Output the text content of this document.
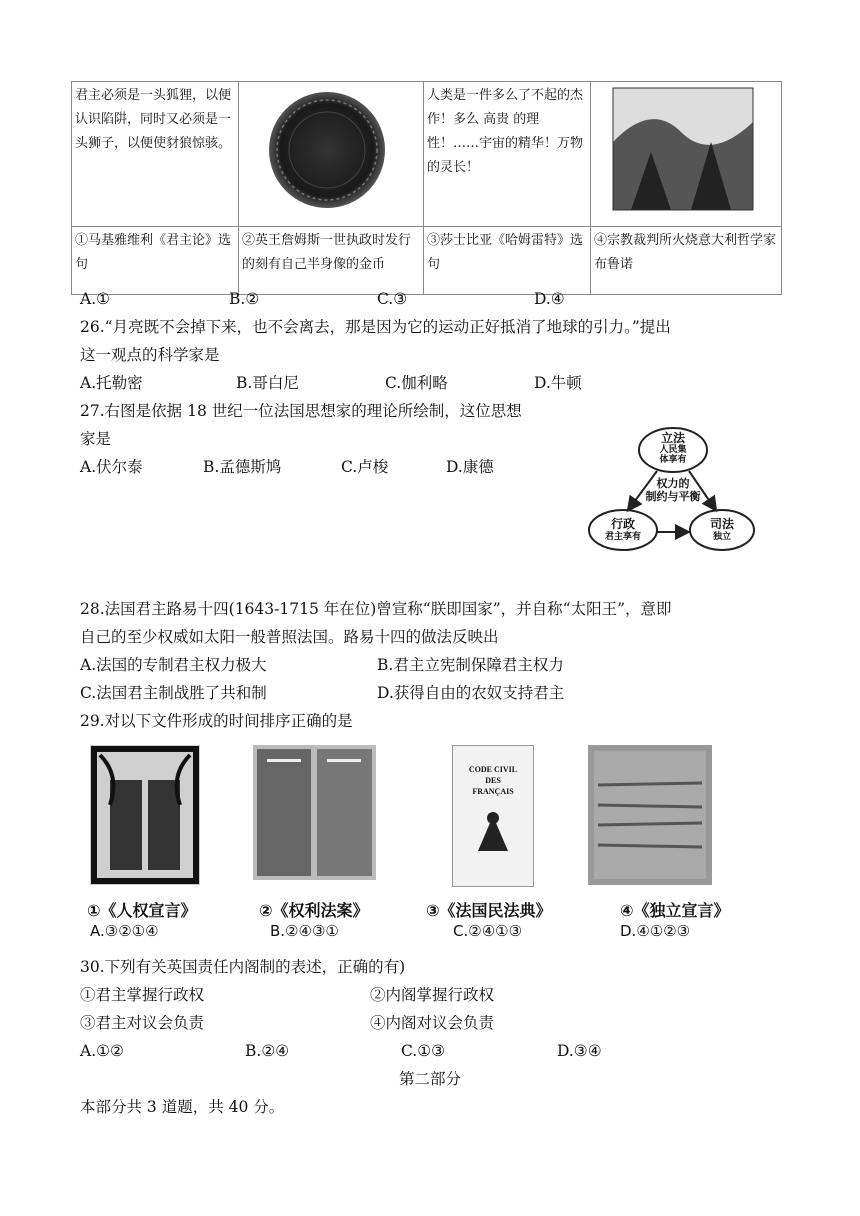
君主必须是一头狐狸，以便认识陷阱，同时又必须是一头狮子，以便使豺狼惊骇。		人类是一件多么了不起的杰作！多么 高贵 的理性！……宇宙的精华！万物的灵长！	
①马基雅维利《君主论》选句	②英王詹姆斯一世执政时发行的刻有自己半身像的金币	③莎士比亚《哈姆雷特》选句	④宗教裁判所火烧意大利哲学家布鲁诺
A.①	B.②	C.③	D.④
26.“月亮既不会掉下来，也不会离去，那是因为它的运动正好抵消了地球的引力。”提出
这一观点的科学家是
A.托勒密	B.哥白尼	C.伽利略	D.牛顿
27.右图是依据 18 世纪一位法国思想家的理论所绘制，这位思想
家是
A.伏尔泰	B.孟德斯鸠	C.卢梭	D.康德
立法
人民集
体享有
权力的
制约与平衡
行政
君主享有
司法
独立
28.法国君主路易十四(1643-1715 年在位)曾宣称“朕即国家”，并自称“太阳王”，意即
自己的至少权威如太阳一般普照法国。路易十四的做法反映出
A.法国的专制君主权力极大	B.君主立宪制保障君主权力
C.法国君主制战胜了共和制	D.获得自由的农奴支持君主
29.对以下文件形成的时间排序正确的是
CODE CIVIL
DES
FRANÇAIS
①《人权宣言》	②《权利法案》	③《法国民法典》	④《独立宣言》
A.③②①④	B.②④③①	C.②④①③	D.④①②③
30.下列有关英国责任内阁制的表述，正确的有)
①君主掌握行政权	②内阁掌握行政权
③君主对议会负责	④内阁对议会负责
A.①②	B.②④	C.①③	D.③④
第二部分
本部分共 3 道题，共 40 分。
